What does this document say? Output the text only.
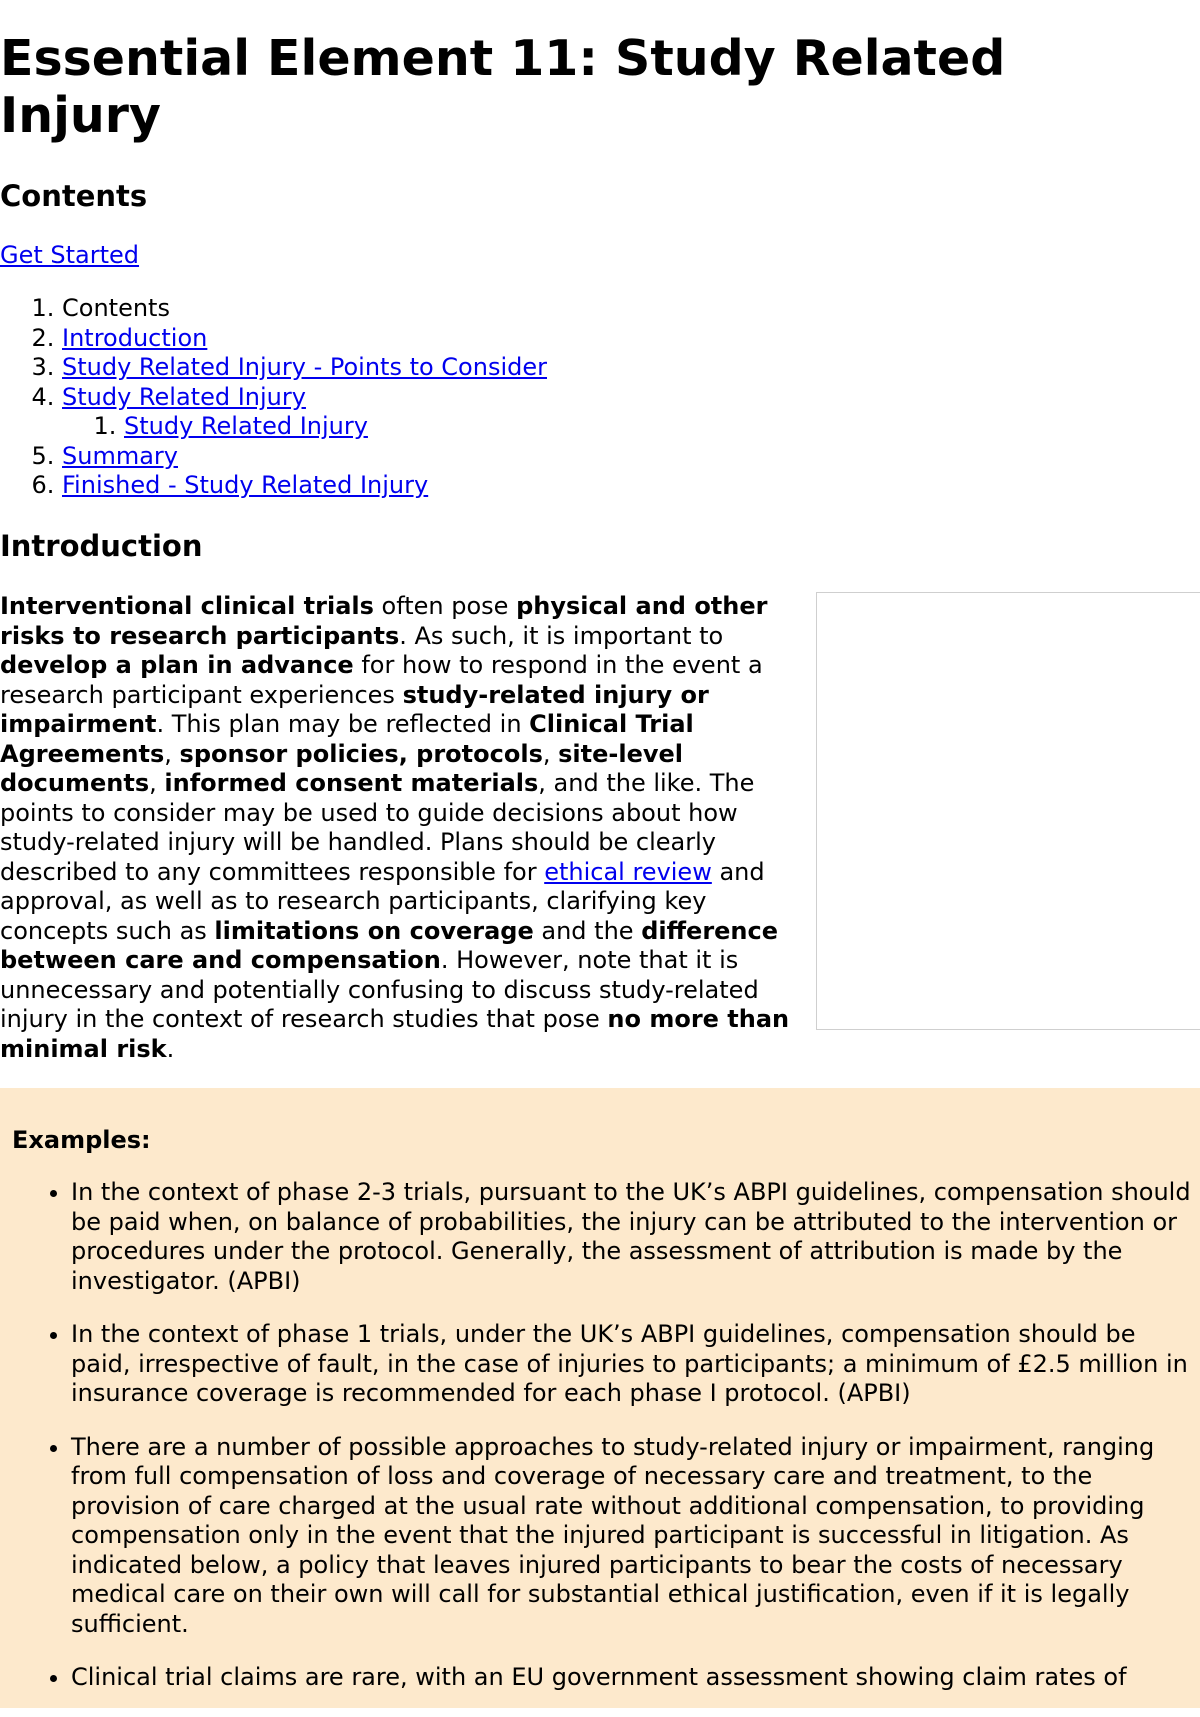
Essential Element 11: Study Related Injury
Contents
Get Started
1. Contents
2. Introduction
3. Study Related Injury - Points to Consider
4. Study Related Injury
1. Study Related Injury
5. Summary
6. Finished - Study Related Injury
Introduction

Interventional clinical trials often pose physical and other risks to research participants. As such, it is important to develop a plan in advance for how to respond in the event a research participant experiences study-related injury or impairment. This plan may be reflected in Clinical Trial Agreements, sponsor policies, protocols, site-level documents, informed consent materials, and the like. The points to consider may be used to guide decisions about how study-related injury will be handled. Plans should be clearly described to any committees responsible for ethical review and approval, as well as to research participants, clarifying key concepts such as limitations on coverage and the difference between care and compensation. However, note that it is unnecessary and potentially confusing to discuss study-related injury in the context of research studies that pose no more than minimal risk.

Examples:
• In the context of phase 2-3 trials, pursuant to the UK’s ABPI guidelines, compensation should be paid when, on balance of probabilities, the injury can be attributed to the intervention or procedures under the protocol. Generally, the assessment of attribution is made by the investigator. (APBI)
• In the context of phase 1 trials, under the UK’s ABPI guidelines, compensation should be paid, irrespective of fault, in the case of injuries to participants; a minimum of £2.5 million in insurance coverage is recommended for each phase I protocol. (APBI)
• There are a number of possible approaches to study-related injury or impairment, ranging from full compensation of loss and coverage of necessary care and treatment, to the provision of care charged at the usual rate without additional compensation, to providing compensation only in the event that the injured participant is successful in litigation. As indicated below, a policy that leaves injured participants to bear the costs of necessary medical care on their own will call for substantial ethical justification, even if it is legally sufficient.
• Clinical trial claims are rare, with an EU government assessment showing claim rates of
